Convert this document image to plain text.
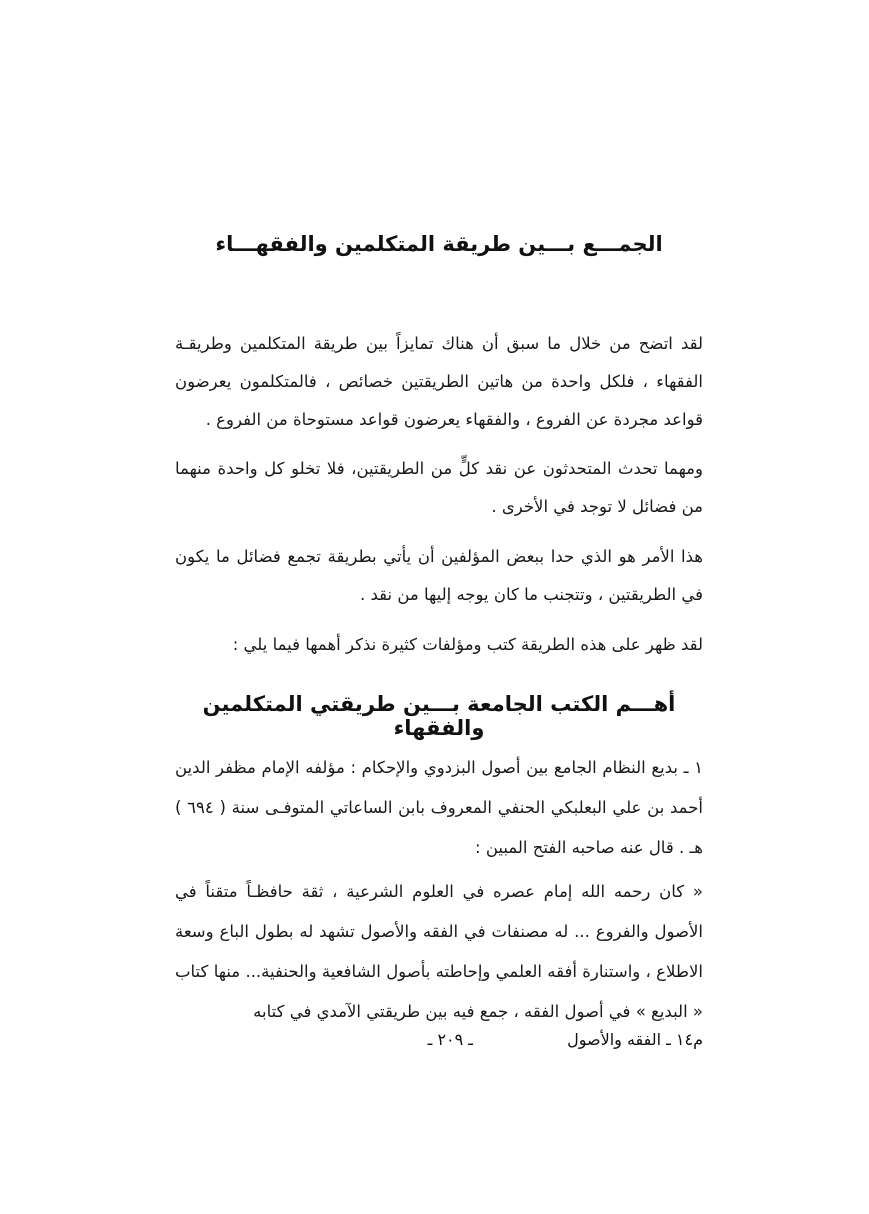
الجمـــع بـــين طريقة المتكلمين والفقهـــاء

لقد اتضح من خلال ما سبق أن هناك تمايزاً بين طريقة المتكلمين وطريقـة الفقهاء ، فلكل واحدة من هاتين الطريقتين خصائص ، فالمتكلمون يعرضون قواعد مجردة عن الفروع ، والفقهاء يعرضون قواعد مستوحاة من الفروع .

ومهما تحدث المتحدثون عن نقد كلٍّ من الطريقتين، فلا تخلو كل واحدة منهما من فضائل لا توجد في الأخرى .

هذا الأمر هو الذي حدا ببعض المؤلفين أن يأتي بطريقة تجمع فضائل ما يكون في الطريقتين ، وتتجنب ما كان يوجه إليها من نقد .

لقد ظهر على هذه الطريقة كتب ومؤلفات كثيرة نذكر أهمها فيما يلي :

أهـــم الكتب الجامعة بـــين طريقتي المتكلمين والفقهاء

١ ـ بديع النظام الجامع بين أصول البزدوي والإحكام : مؤلفه الإمام مظفر الدين أحمد بن علي البعلبكي الحنفي المعروف بابن الساعاتي المتوفـى سنة ( ٦٩٤ ) هـ . قال عنه صاحبه الفتح المبين :

« كان رحمه الله إمام عصره في العلوم الشرعية ، ثقة حافظـاً متقناً في الأصول والفروع ... له مصنفات في الفقه والأصول تشهد له بطول الباع وسعة الاطلاع ، واستنارة أفقه العلمي وإحاطته بأصول الشافعية والحنفية... منها كتاب « البديع » في أصول الفقه ، جمع فيه بين طريقتي الآمدي في كتابه

م١٤ ـ الفقه والأصول
ـ ٢٠٩ ـ
